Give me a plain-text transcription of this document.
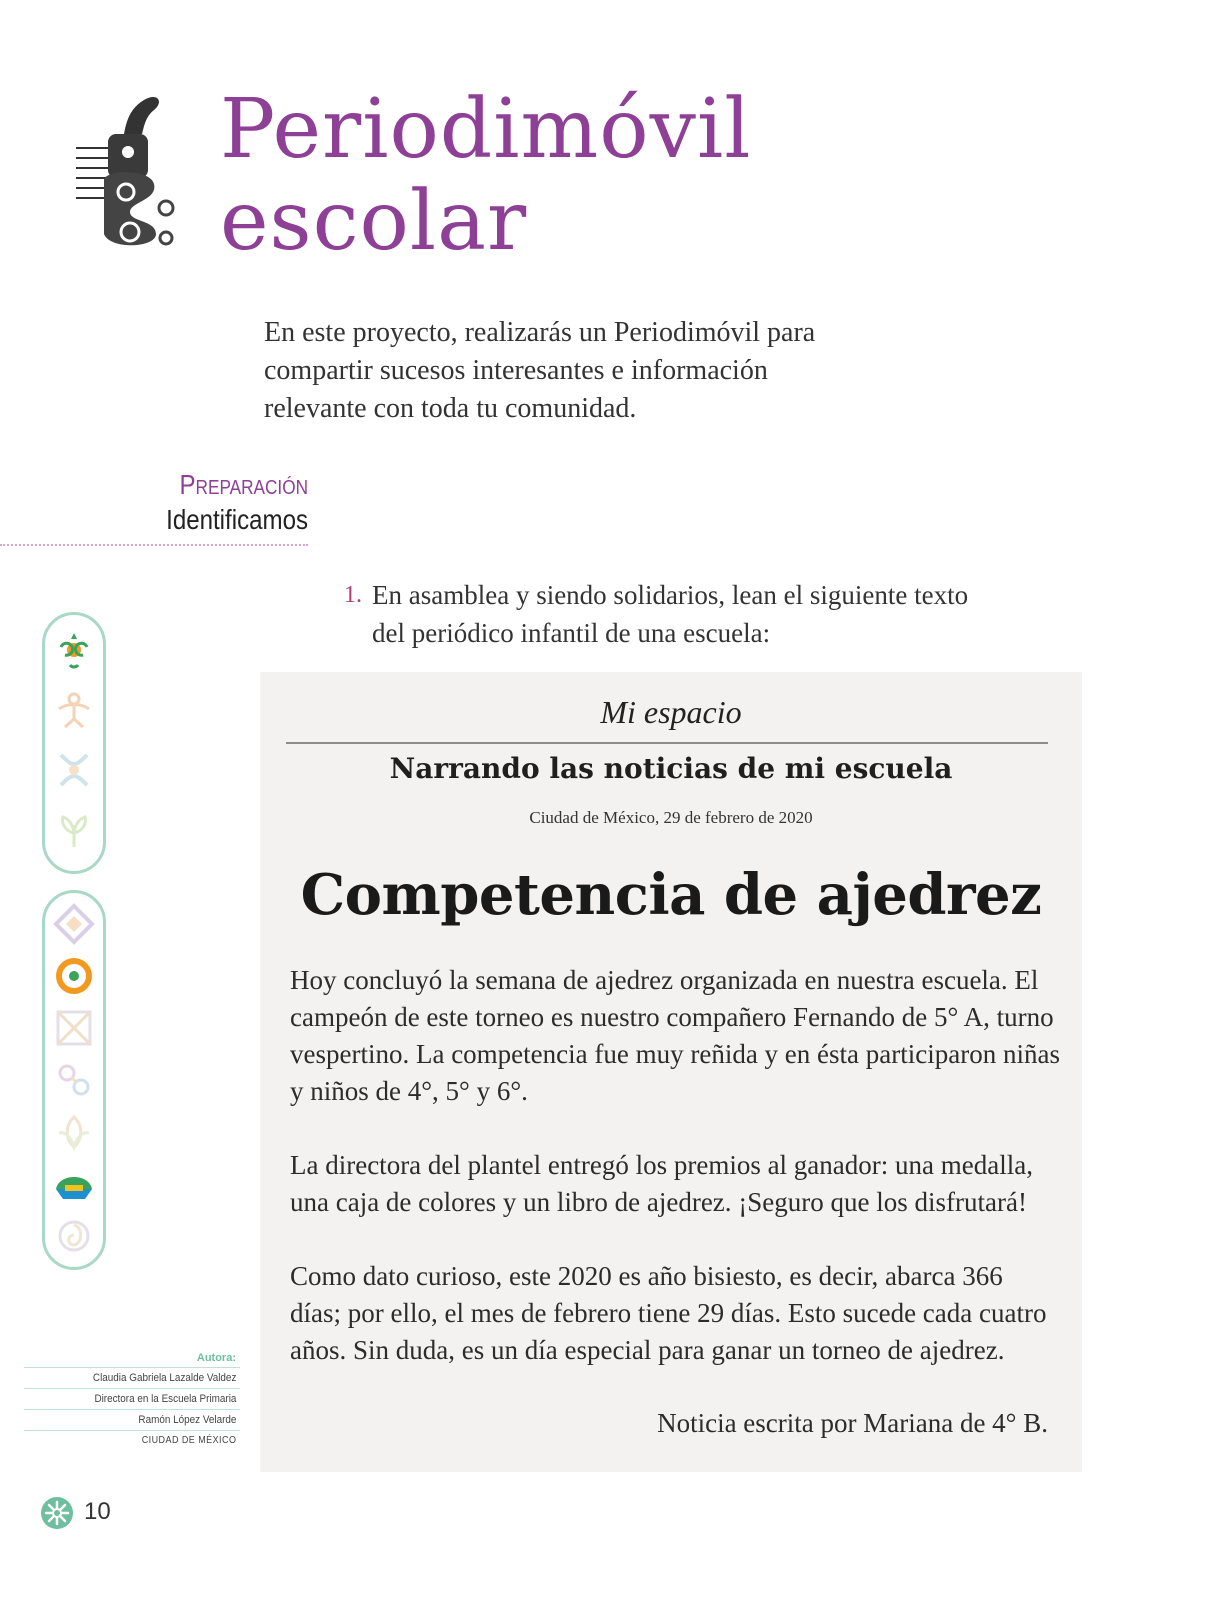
Periodimóvil
escolar

En este proyecto, realizarás un Periodimóvil para compartir sucesos interesantes e información relevante con toda tu comunidad.

Preparación
Identificamos
1. En asamblea y siendo solidarios, lean el siguiente texto del periódico infantil de una escuela:
Autora:
Claudia Gabriela Lazalde Valdez
Directora en la Escuela Primaria
Ramón López Velarde
CIUDAD DE MÉXICO
10
Mi espacio
Narrando las noticias de mi escuela
Ciudad de México, 29 de febrero de 2020
Competencia de ajedrez

Hoy concluyó la semana de ajedrez organizada en nuestra escuela. El campeón de este torneo es nuestro compañero Fernando de 5° A, turno vespertino. La competencia fue muy reñida y en ésta participaron niñas y niños de 4°, 5° y 6°.

La directora del plantel entregó los premios al ganador: una medalla, una caja de colores y un libro de ajedrez. ¡Seguro que los disfrutará!

Como dato curioso, este 2020 es año bisiesto, es decir, abarca 366 días; por ello, el mes de febrero tiene 29 días. Esto sucede cada cuatro años. Sin duda, es un día especial para ganar un torneo de ajedrez.

Noticia escrita por Mariana de 4° B.
